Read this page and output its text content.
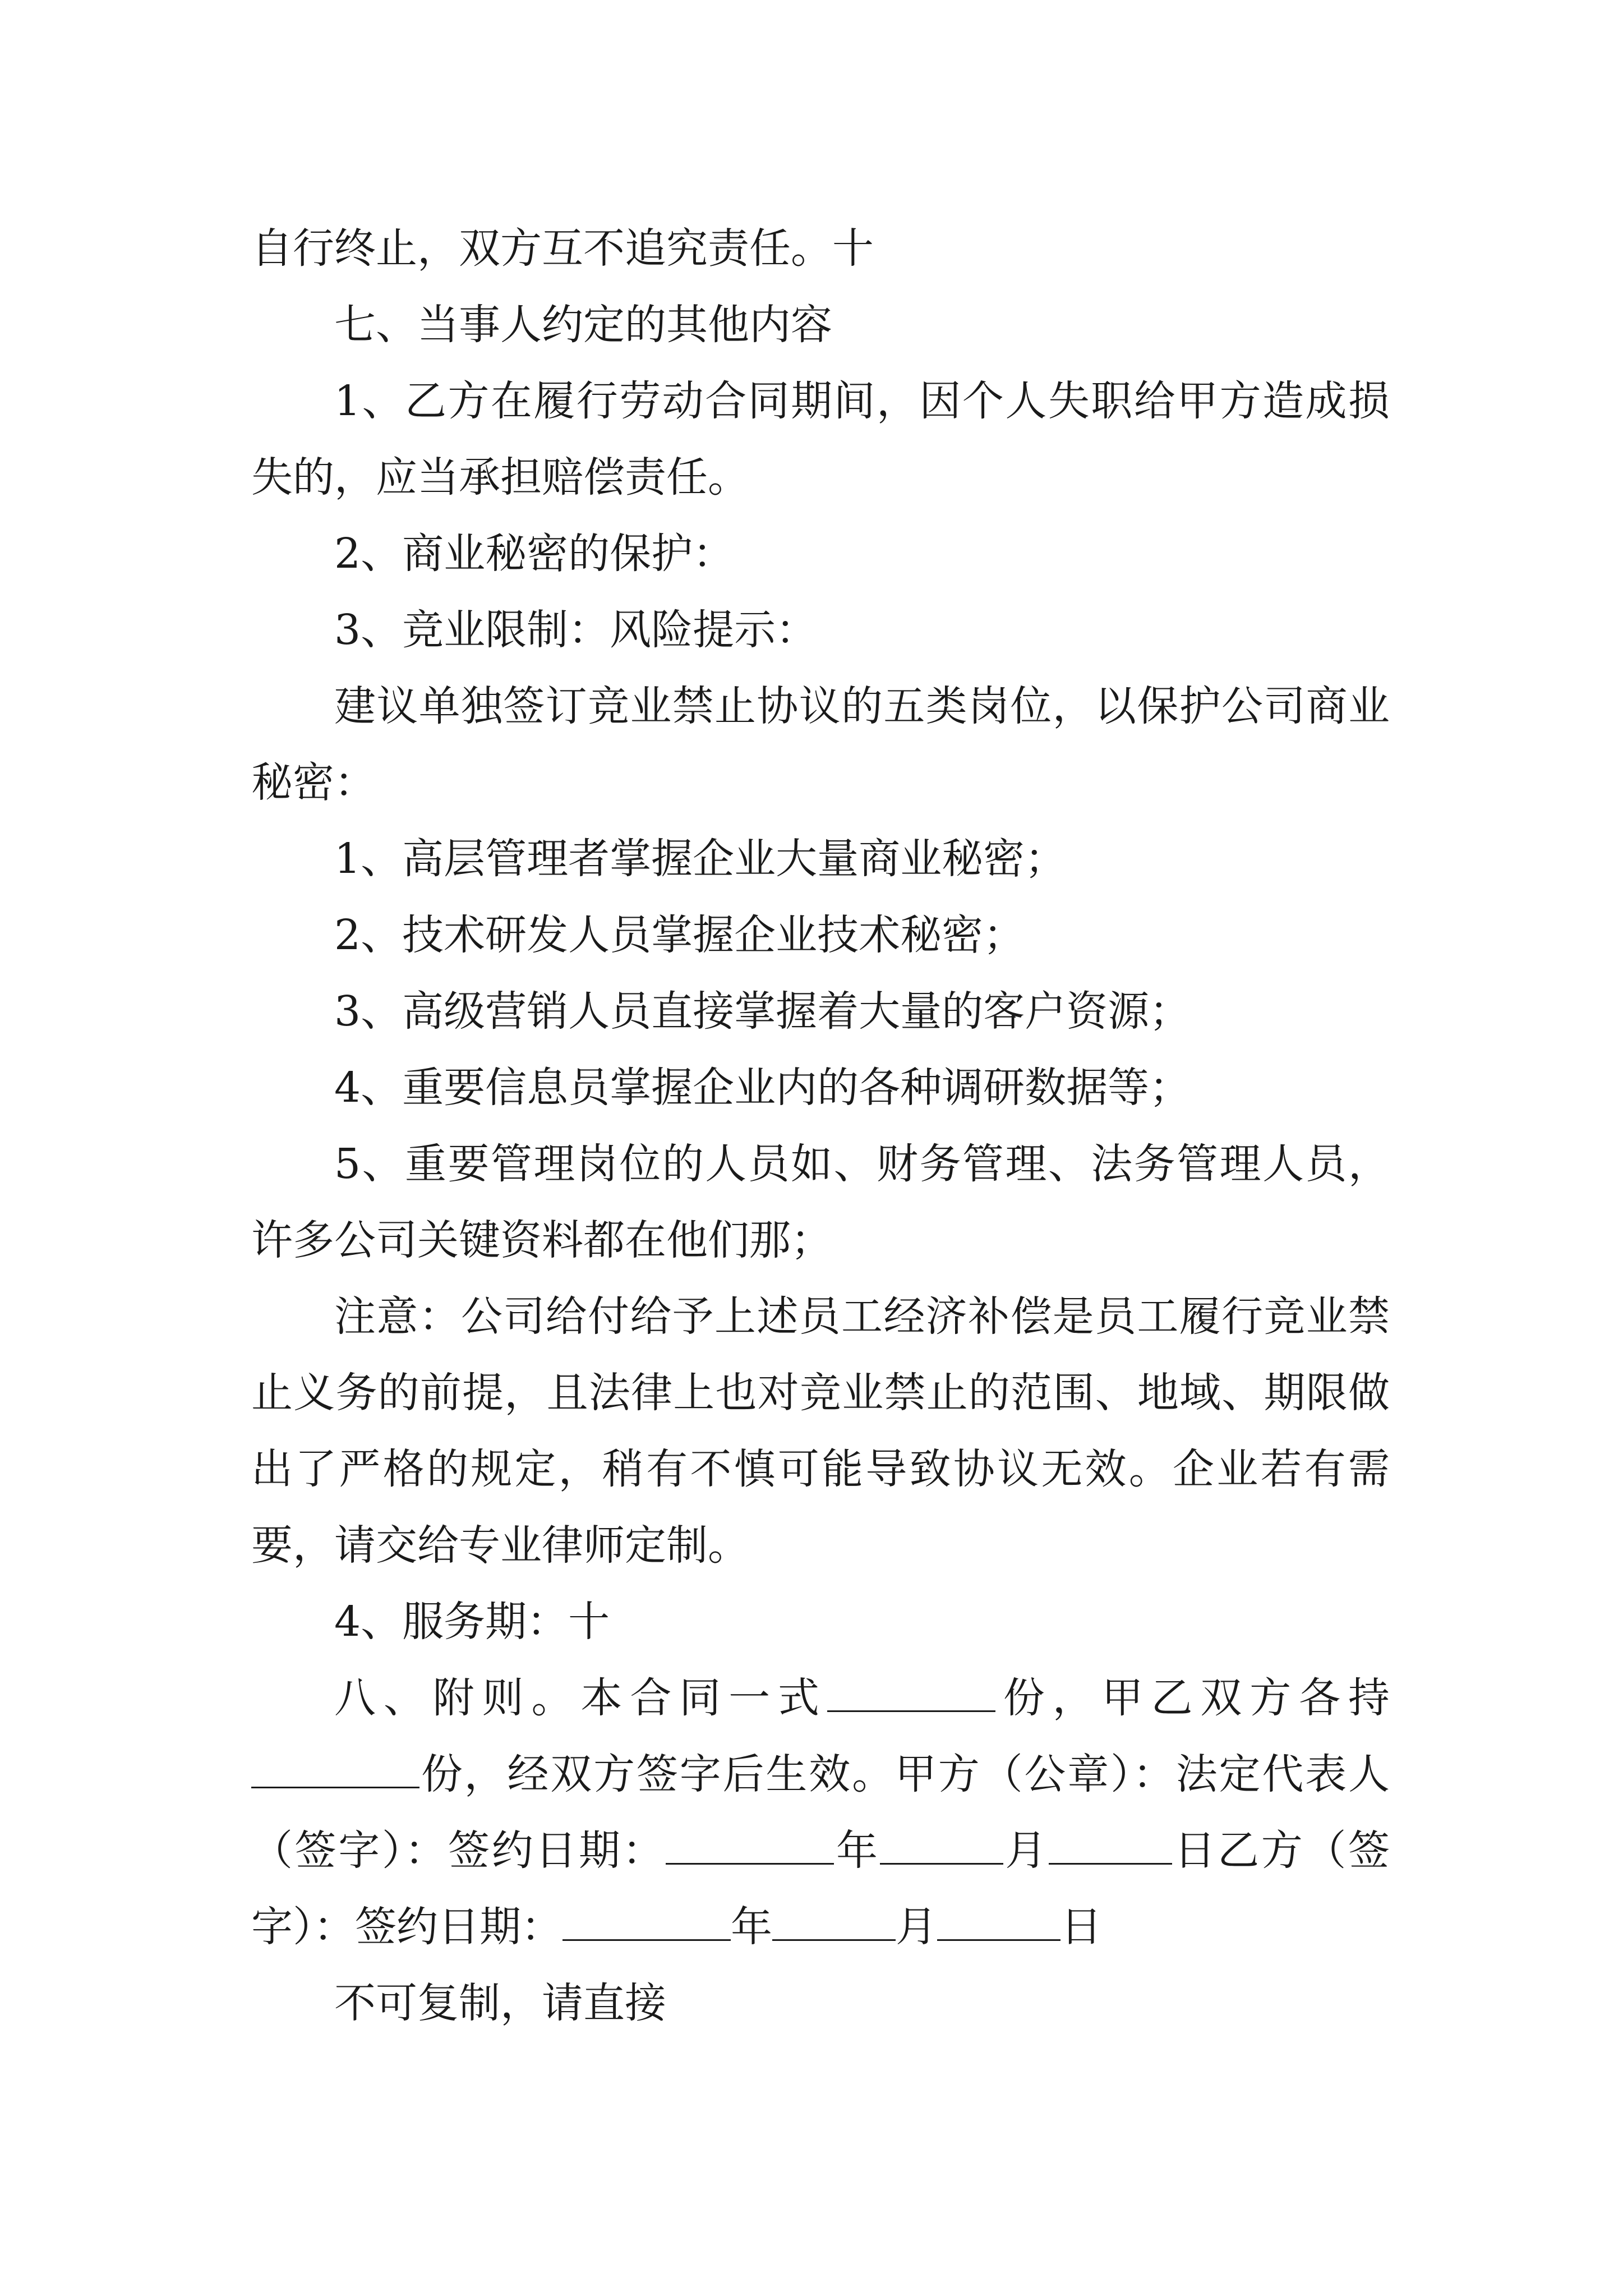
自行终止，双方互不追究责任。十

七、当事人约定的其他内容

1、乙方在履行劳动合同期间，因个人失职给甲方造成损失的，应当承担赔偿责任。

2、商业秘密的保护：

3、竞业限制：风险提示：

建议单独签订竞业禁止协议的五类岗位，以保护公司商业秘密：

1、高层管理者掌握企业大量商业秘密；

2、技术研发人员掌握企业技术秘密；

3、高级营销人员直接掌握着大量的客户资源；

4、重要信息员掌握企业内的各种调研数据等；

5、重要管理岗位的人员如、财务管理、法务管理人员，许多公司关键资料都在他们那；

注意：公司给付给予上述员工经济补偿是员工履行竞业禁止义务的前提，且法律上也对竞业禁止的范围、地域、期限做出了严格的规定，稍有不慎可能导致协议无效。企业若有需要，请交给专业律师定制。

4、服务期：十

八、附则。本合同一式	份，甲乙双方各持份，经双方签字后生效。甲方（公章）：法定代表人（签字）：签约日期：	年	月	日乙方（签字）：签约日期：	年	月	日

不可复制，请直接
